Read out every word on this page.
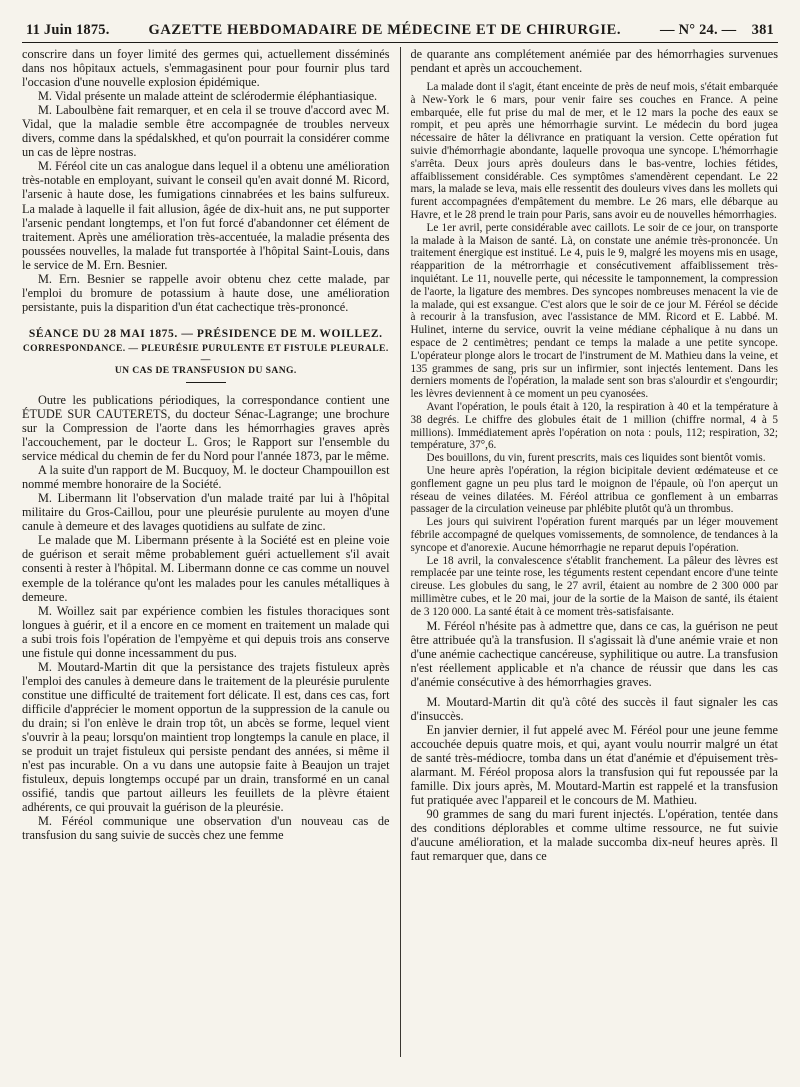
11 Juin 1875.	GAZETTE HEBDOMADAIRE DE MÉDECINE ET DE CHIRURGIE.	— N° 24. — 381

conscrire dans un foyer limité des germes qui, actuellement disséminés dans nos hôpitaux actuels, s'emmagasinent pour pour fournir plus tard l'occasion d'une nouvelle explosion épidémique.

M. Vidal présente un malade atteint de sclérodermie éléphantiasique.

M. Laboulbène fait remarquer, et en cela il se trouve d'accord avec M. Vidal, que la maladie semble être accompagnée de troubles nerveux divers, comme dans la spédalskhed, et qu'on pourrait la considérer comme un cas de lèpre nostras.

M. Féréol cite un cas analogue dans lequel il a obtenu une amélioration très-notable en employant, suivant le conseil qu'en avait donné M. Ricord, l'arsenic à haute dose, les fumigations cinnabrées et les bains sulfureux. La malade à laquelle il fait allusion, âgée de dix-huit ans, ne put supporter l'arsenic pendant longtemps, et l'on fut forcé d'abandonner cet élément de traitement. Après une amélioration très-accentuée, la maladie présenta des poussées nouvelles, la malade fut transportée à l'hôpital Saint-Louis, dans le service de M. Ern. Besnier.

M. Ern. Besnier se rappelle avoir obtenu chez cette malade, par l'emploi du bromure de potassium à haute dose, une amélioration persistante, puis la disparition d'un état cachectique très-prononcé.

SÉANCE DU 28 MAI 1875. — PRÉSIDENCE DE M. WOILLEZ.
CORRESPONDANCE. — PLEURÉSIE PURULENTE ET FISTULE PLEURALE. —
UN CAS DE TRANSFUSION DU SANG.

Outre les publications périodiques, la correspondance contient une ÉTUDE SUR CAUTERETS, du docteur Sénac-Lagrange; une brochure sur la Compression de l'aorte dans les hémorrhagies graves après l'accouchement, par le docteur L. Gros; le Rapport sur l'ensemble du service médical du chemin de fer du Nord pour l'année 1873, par le même.

A la suite d'un rapport de M. Bucquoy, M. le docteur Champouillon est nommé membre honoraire de la Société.

M. Libermann lit l'observation d'un malade traité par lui à l'hôpital militaire du Gros-Caillou, pour une pleurésie purulente au moyen d'une canule à demeure et des lavages quotidiens au sulfate de zinc.

Le malade que M. Libermann présente à la Société est en pleine voie de guérison et serait même probablement guéri actuellement s'il avait consenti à rester à l'hôpital. M. Libermann donne ce cas comme un nouvel exemple de la tolérance qu'ont les malades pour les canules métalliques à demeure.

M. Woillez sait par expérience combien les fistules thoraciques sont longues à guérir, et il a encore en ce moment en traitement un malade qui a subi trois fois l'opération de l'empyème et qui depuis trois ans conserve une fistule qui donne incessamment du pus.

M. Moutard-Martin dit que la persistance des trajets fistuleux après l'emploi des canules à demeure dans le traitement de la pleurésie purulente constitue une difficulté de traitement fort délicate. Il est, dans ces cas, fort difficile d'apprécier le moment opportun de la suppression de la canule ou du drain; si l'on enlève le drain trop tôt, un abcès se forme, lequel vient s'ouvrir à la peau; lorsqu'on maintient trop longtemps la canule en place, il se produit un trajet fistuleux qui persiste pendant des années, si même il n'est pas incurable. On a vu dans une autopsie faite à Beaujon un trajet fistuleux, depuis longtemps occupé par un drain, transformé en un canal ossifié, tandis que partout ailleurs les feuillets de la plèvre étaient adhérents, ce qui prouvait la guérison de la pleurésie.

M. Féréol communique une observation d'un nouveau cas de transfusion du sang suivie de succès chez une femme

de quarante ans complétement anémiée par des hémorrhagies survenues pendant et après un accouchement.

La malade dont il s'agit, étant enceinte de près de neuf mois, s'était embarquée à New-York le 6 mars, pour venir faire ses couches en France. A peine embarquée, elle fut prise du mal de mer, et le 12 mars la poche des eaux se rompit, et peu après une hémorrhagie survint. Le médecin du bord jugea nécessaire de hâter la délivrance en pratiquant la version. Cette opération fut suivie d'hémorrhagie abondante, laquelle provoqua une syncope. L'hémorrhagie s'arrêta. Deux jours après douleurs dans le bas-ventre, lochies fétides, affaiblissement considérable. Ces symptômes s'amendèrent cependant. Le 22 mars, la malade se leva, mais elle ressentit des douleurs vives dans les mollets qui furent accompagnées d'empâtement du membre. Le 26 mars, elle débarque au Havre, et le 28 prend le train pour Paris, sans avoir eu de nouvelles hémorrhagies.

Le 1er avril, perte considérable avec caillots. Le soir de ce jour, on transporte la malade à la Maison de santé. Là, on constate une anémie très-prononcée. Un traitement énergique est institué. Le 4, puis le 9, malgré les moyens mis en usage, réapparition de la métrorrhagie et consécutivement affaiblissement très-inquiétant. Le 11, nouvelle perte, qui nécessite le tamponnement, la compression de l'aorte, la ligature des membres. Des syncopes nombreuses menacent la vie de la malade, qui est exsangue. C'est alors que le soir de ce jour M. Féréol se décide à recourir à la transfusion, avec l'assistance de MM. Ricord et E. Labbé. M. Hulinet, interne du service, ouvrit la veine médiane céphalique à nu dans un espace de 2 centimètres; pendant ce temps la malade a une petite syncope. L'opérateur plonge alors le trocart de l'instrument de M. Mathieu dans la veine, et 135 grammes de sang, pris sur un infirmier, sont injectés lentement. Dans les derniers moments de l'opération, la malade sent son bras s'alourdir et s'engourdir; les lèvres deviennent à ce moment un peu cyanosées.

Avant l'opération, le pouls était à 120, la respiration à 40 et la température à 38 degrés. Le chiffre des globules était de 1 million (chiffre normal, 4 à 5 millions). Immédiatement après l'opération on nota : pouls, 112; respiration, 32; température, 37°,6.

Des bouillons, du vin, furent prescrits, mais ces liquides sont bientôt vomis.

Une heure après l'opération, la région bicipitale devient œdémateuse et ce gonflement gagne un peu plus tard le moignon de l'épaule, où l'on aperçut un réseau de veines dilatées. M. Féréol attribua ce gonflement à un embarras passager de la circulation veineuse par phlébite plutôt qu'à un thrombus.

Les jours qui suivirent l'opération furent marqués par un léger mouvement fébrile accompagné de quelques vomissements, de somnolence, de tendances à la syncope et d'anorexie. Aucune hémorrhagie ne reparut depuis l'opération.

Le 18 avril, la convalescence s'établit franchement. La pâleur des lèvres est remplacée par une teinte rose, les téguments restent cependant encore d'une teinte cireuse. Les globules du sang, le 27 avril, étaient au nombre de 2 300 000 par millimètre cubes, et le 20 mai, jour de la sortie de la Maison de santé, ils étaient de 3 120 000. La santé était à ce moment très-satisfaisante.

M. Féréol n'hésite pas à admettre que, dans ce cas, la guérison ne peut être attribuée qu'à la transfusion. Il s'agissait là d'une anémie vraie et non d'une anémie cachectique cancéreuse, syphilitique ou autre. La transfusion n'est réellement applicable et n'a chance de réussir que dans les cas d'anémie consécutive à des hémorrhagies graves.

M. Moutard-Martin dit qu'à côté des succès il faut signaler les cas d'insuccès.

En janvier dernier, il fut appelé avec M. Féréol pour une jeune femme accouchée depuis quatre mois, et qui, ayant voulu nourrir malgré un état de santé très-médiocre, tomba dans un état d'anémie et d'épuisement très-alarmant. M. Féréol proposa alors la transfusion qui fut repoussée par la famille. Dix jours après, M. Moutard-Martin est rappelé et la transfusion fut pratiquée avec l'appareil et le concours de M. Mathieu.

90 grammes de sang du mari furent injectés. L'opération, tentée dans des conditions déplorables et comme ultime ressource, ne fut suivie d'aucune amélioration, et la malade succomba dix-neuf heures après. Il faut remarquer que, dans ce
